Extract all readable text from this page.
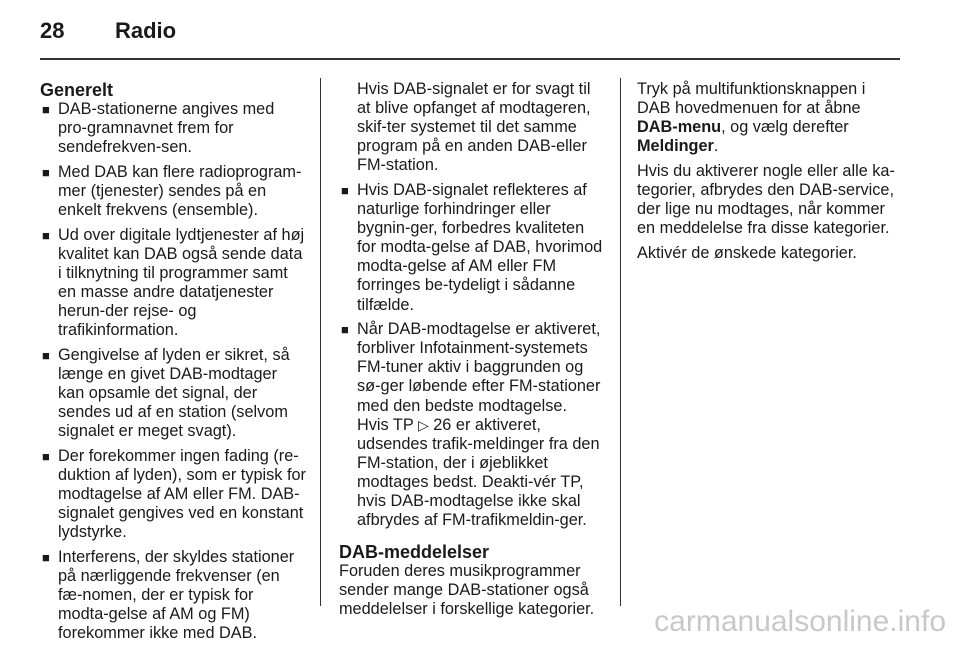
28 Radio
Generelt
■ DAB-stationerne angives med pro-gramnavnet frem for sendefrekven-sen.
■ Med DAB kan flere radioprogram-mer (tjenester) sendes på en enkelt frekvens (ensemble).
■ Ud over digitale lydtjenester af høj kvalitet kan DAB også sende data i tilknytning til programmer samt en masse andre datatjenester herun-der rejse- og trafikinformation.
■ Gengivelse af lyden er sikret, så længe en givet DAB-modtager kan opsamle det signal, der sendes ud af en station (selvom signalet er meget svagt).
■ Der forekommer ingen fading (re-duktion af lyden), som er typisk for modtagelse af AM eller FM. DAB-signalet gengives ved en konstant lydstyrke.
■ Interferens, der skyldes stationer på nærliggende frekvenser (en fæ-nomen, der er typisk for modta-gelse af AM og FM) forekommer ikke med DAB.

Hvis DAB-signalet er for svagt til at blive opfanget af modtageren, skif-ter systemet til det samme program på en anden DAB-eller FM-station.

■ Hvis DAB-signalet reflekteres af naturlige forhindringer eller bygnin-ger, forbedres kvaliteten for modta-gelse af DAB, hvorimod modta-gelse af AM eller FM forringes be-tydeligt i sådanne tilfælde.
■ Når DAB-modtagelse er aktiveret, forbliver Infotainment-systemets FM-tuner aktiv i baggrunden og sø-ger løbende efter FM-stationer med den bedste modtagelse. Hvis TP ▷ 26 er aktiveret, udsendes trafik-meldinger fra den FM-station, der i øjeblikket modtages bedst. Deakti-vér TP, hvis DAB-modtagelse ikke skal afbrydes af FM-trafikmeldin-ger.
DAB-meddelelser

Foruden deres musikprogrammer sender mange DAB-stationer også meddelelser i forskellige kategorier.

Tryk på multifunktionsknappen i DAB hovedmenuen for at åbne DAB-menu, og vælg derefter Meldinger.

Hvis du aktiverer nogle eller alle ka-tegorier, afbrydes den DAB-service, der lige nu modtages, når kommer en meddelelse fra disse kategorier.

Aktivér de ønskede kategorier.

carmanualsonline.info
